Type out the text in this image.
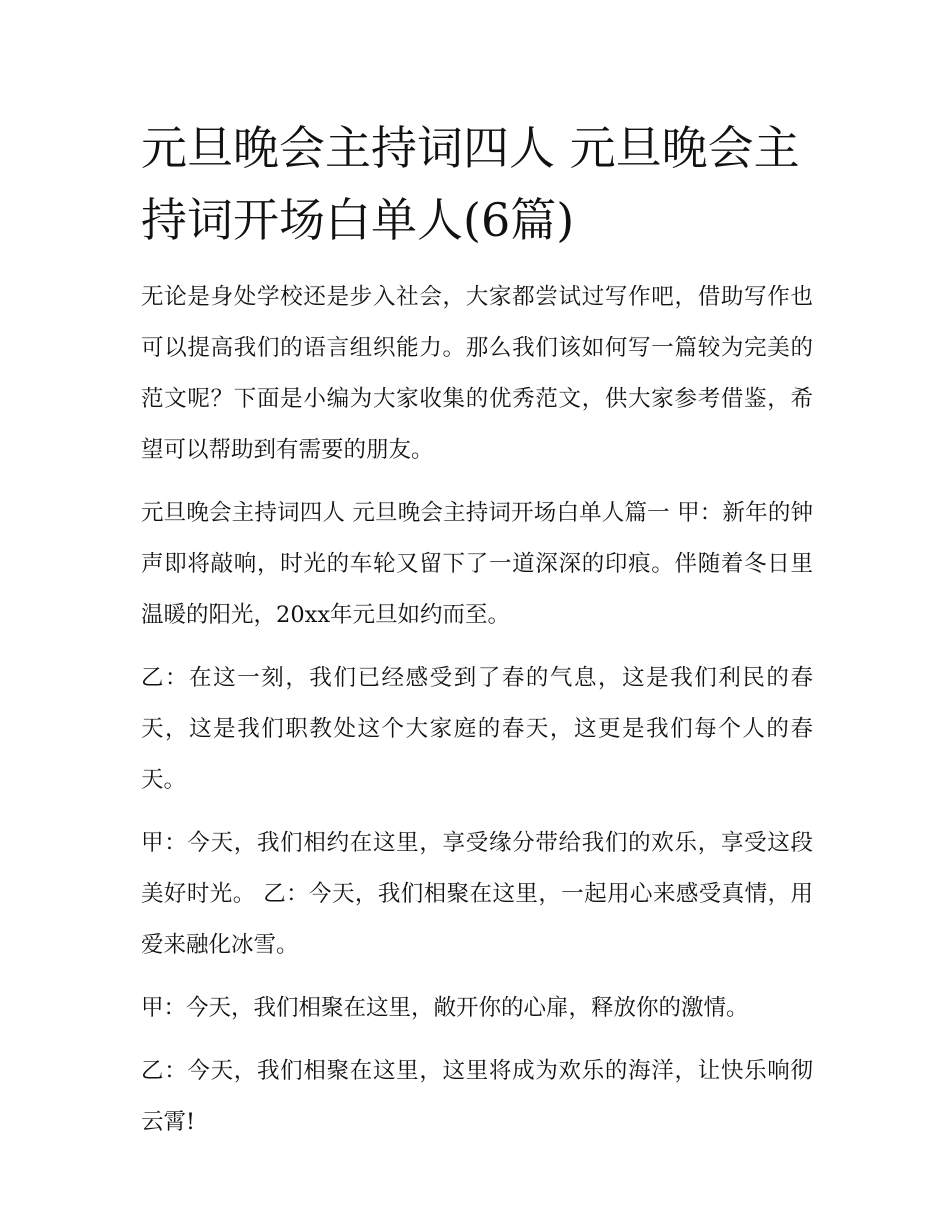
元旦晚会主持词四人 元旦晚会主持词开场白单人(6篇)

无论是身处学校还是步入社会，大家都尝试过写作吧，借助写作也可以提高我们的语言组织能力。那么我们该如何写一篇较为完美的范文呢？下面是小编为大家收集的优秀范文，供大家参考借鉴，希望可以帮助到有需要的朋友。

元旦晚会主持词四人 元旦晚会主持词开场白单人篇一 甲：新年的钟声即将敲响，时光的车轮又留下了一道深深的印痕。伴随着冬日里温暖的阳光，20xx年元旦如约而至。

乙：在这一刻，我们已经感受到了春的气息，这是我们利民的春天，这是我们职教处这个大家庭的春天，这更是我们每个人的春天。

甲：今天，我们相约在这里，享受缘分带给我们的欢乐，享受这段美好时光。 乙：今天，我们相聚在这里，一起用心来感受真情，用爱来融化冰雪。

甲：今天，我们相聚在这里，敞开你的心扉，释放你的激情。

乙：今天，我们相聚在这里，这里将成为欢乐的海洋，让快乐响彻云霄!
